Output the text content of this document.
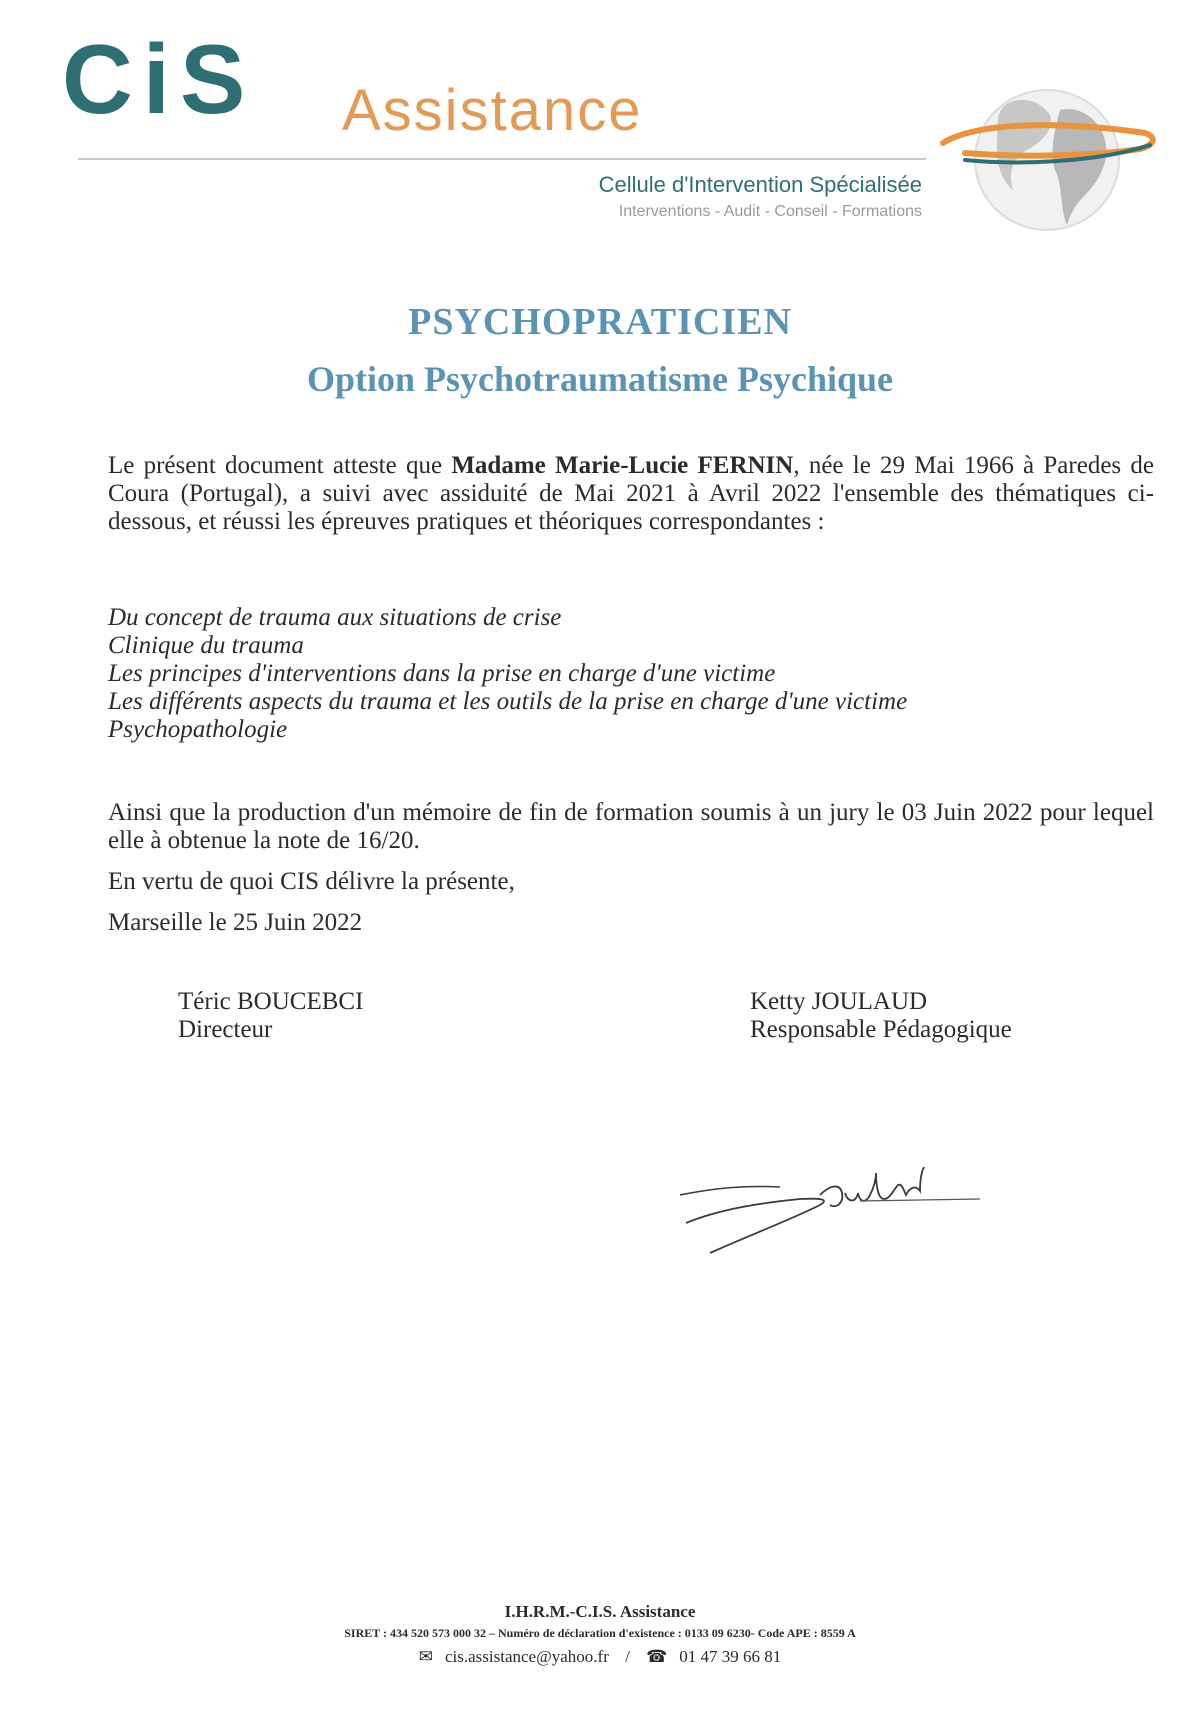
CiS Assistance
Cellule d'Intervention Spécialisée
Interventions - Audit - Conseil - Formations
PSYCHOPRATICIEN
Option Psychotraumatisme Psychique
Le présent document atteste que Madame Marie-Lucie FERNIN, née le 29 Mai 1966 à Paredes de Coura (Portugal), a suivi avec assiduité de Mai 2021 à Avril 2022 l'ensemble des thématiques ci-dessous, et réussi les épreuves pratiques et théoriques correspondantes :
Du concept de trauma aux situations de crise
Clinique du trauma
Les principes d'interventions dans la prise en charge d'une victime
Les différents aspects du trauma et les outils de la prise en charge d'une victime
Psychopathologie
Ainsi que la production d'un mémoire de fin de formation soumis à un jury le 03 Juin 2022 pour lequel elle à obtenue la note de 16/20.
En vertu de quoi CIS délivre la présente,
Marseille le 25 Juin 2022
Téric BOUCEBCI
Directeur
Ketty JOULAUD
Responsable Pédagogique
I.H.R.M.-C.I.S. Assistance
SIRET : 434 520 573 000 32 – Numéro de déclaration d'existence : 0133 09 6230- Code APE : 8559 A
✉ cis.assistance@yahoo.fr / ☎ 01 47 39 66 81
